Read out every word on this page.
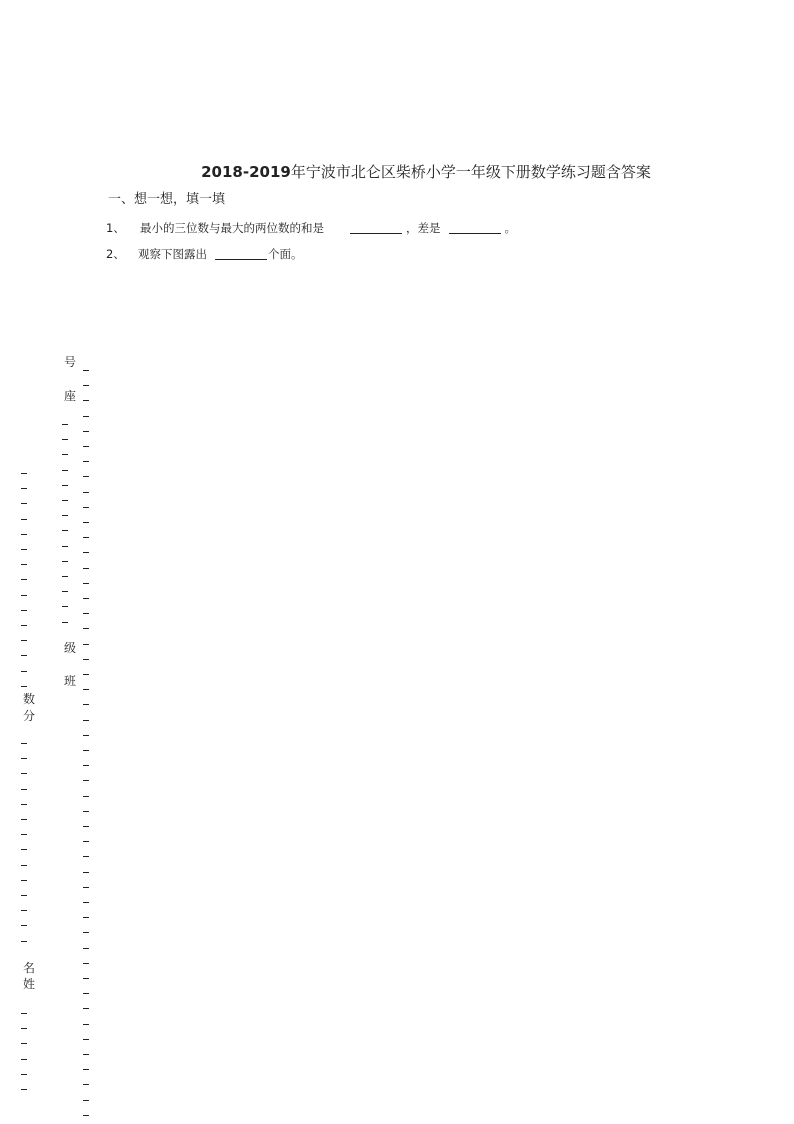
2018-2019年宁波市北仑区柴桥小学一年级下册数学练习题含答案
一、想一想，填一填
1、	最小的三位数与最大的两位数的和是	，差是	。
2、	观察下图露出	个面。
号
座
级
班
数
分
名
姓
